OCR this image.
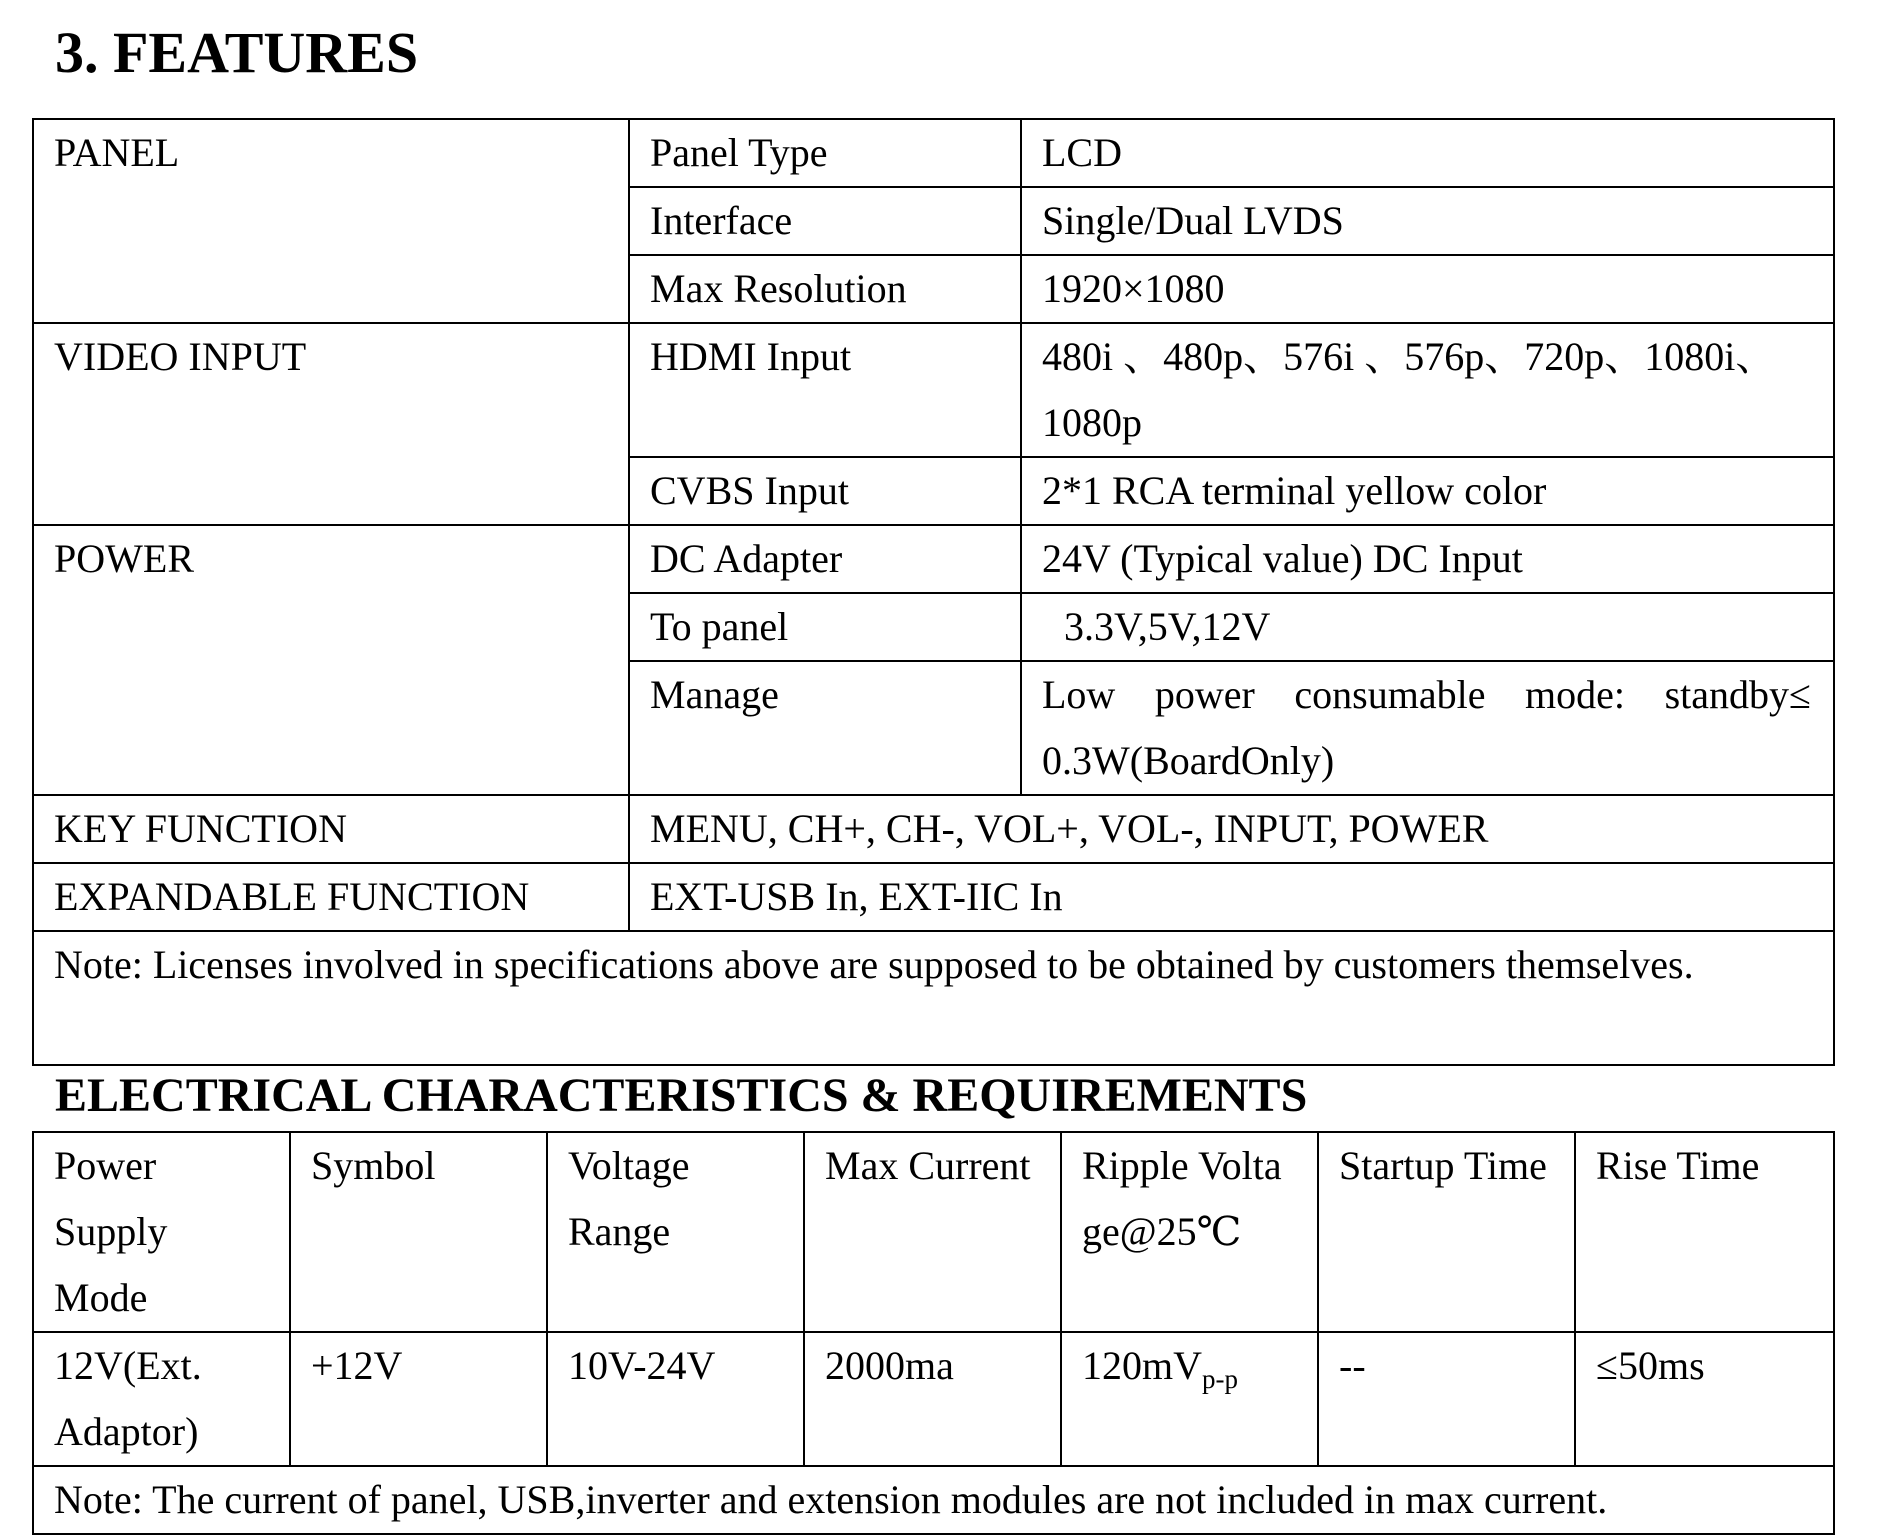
3. FEATURES
PANEL	Panel Type	LCD
	Interface	Single/Dual LVDS
	Max Resolution	1920×1080
VIDEO INPUT	HDMI Input	480i 、480p、576i 、576p、720p、1080i、1080p
	CVBS Input	2*1 RCA terminal yellow color
POWER	DC Adapter	24V (Typical value) DC Input
	To panel	3.3V,5V,12V
	Manage	Low power consumable mode: standby≤ 0.3W(BoardOnly)
KEY FUNCTION	MENU, CH+, CH-, VOL+, VOL-, INPUT, POWER	
EXPANDABLE FUNCTION	EXT-USB In, EXT-IIC In	
Note: Licenses involved in specifications above are supposed to be obtained by customers themselves.		
ELECTRICAL CHARACTERISTICS & REQUIREMENTS
Power Supply Mode	Symbol	Voltage Range	Max Current	Ripple Voltage@25℃	Startup Time	Rise Time
12V(Ext. Adaptor)	+12V	10V-24V	2000ma	$120mV_{p-p}$	--	≤50ms
Note: The current of panel, USB,inverter and extension modules are not included in max current.						
